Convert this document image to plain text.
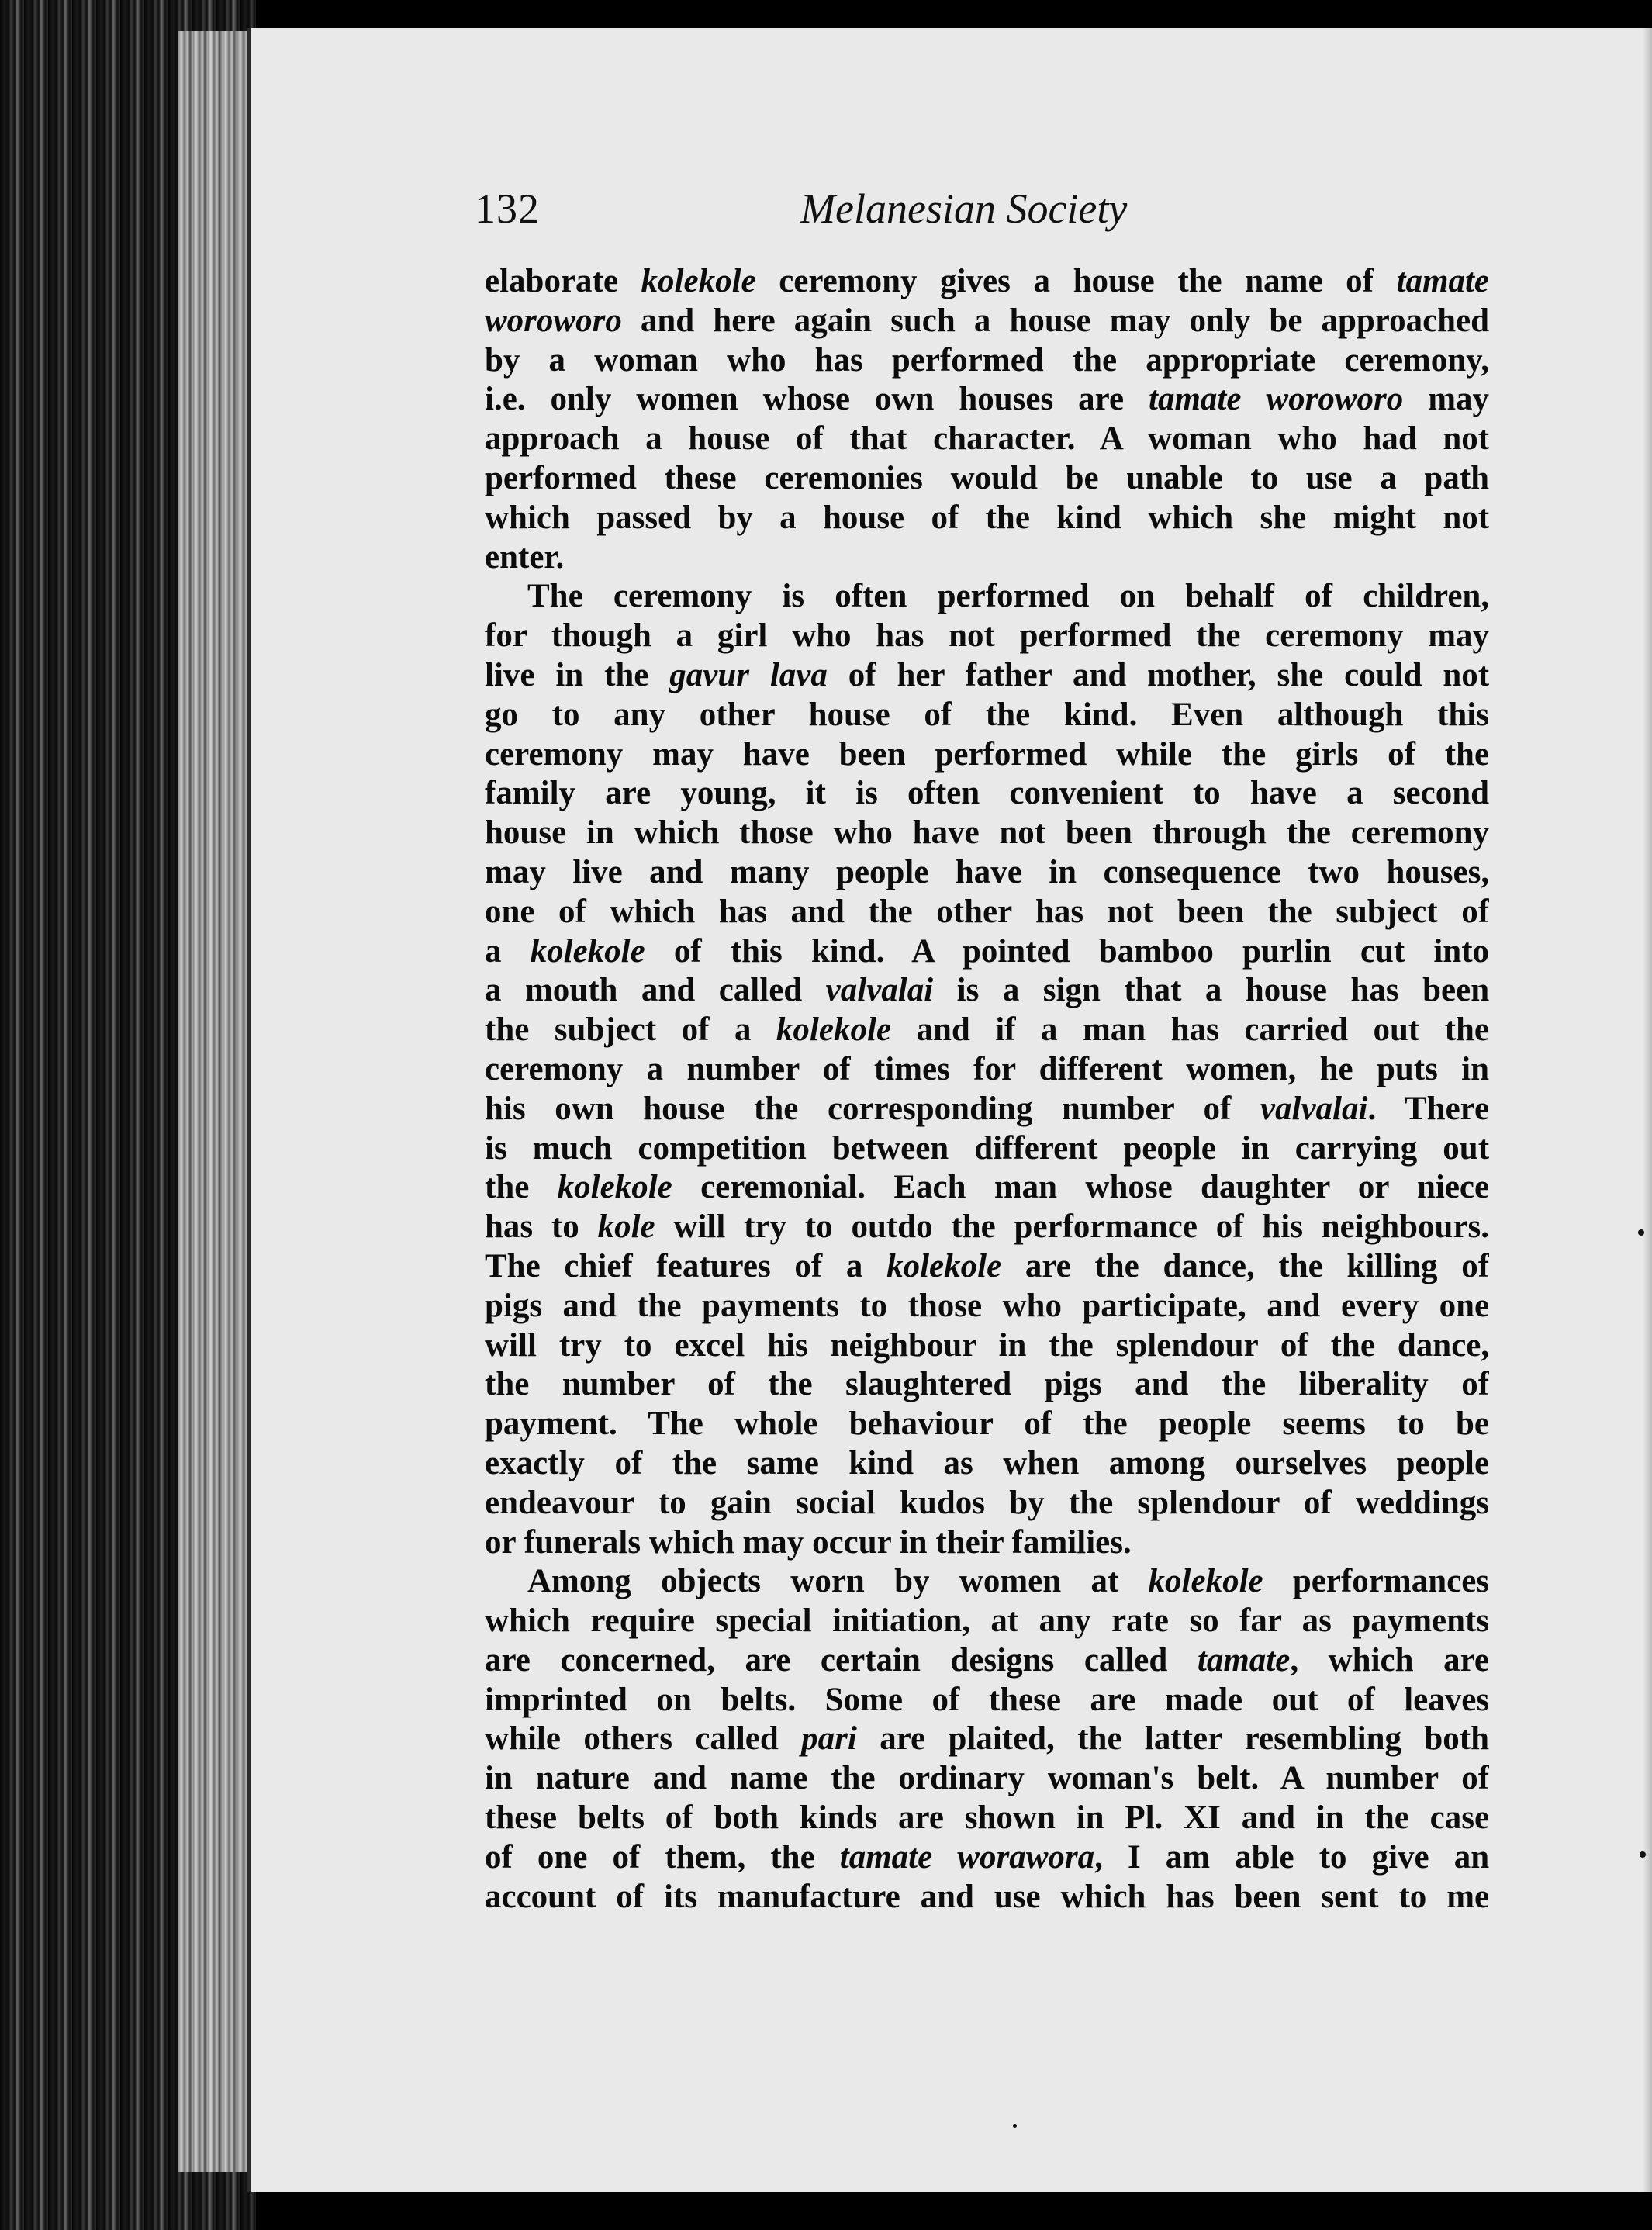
132	Melanesian Society
elaborate kolekole ceremony gives a house the name of tamate
woroworo and here again such a house may only be approached
by a woman who has performed the appropriate ceremony,
i.e. only women whose own houses are tamate woroworo may
approach a house of that character. A woman who had not
performed these ceremonies would be unable to use a path
which passed by a house of the kind which she might not
enter.
The ceremony is often performed on behalf of children,
for though a girl who has not performed the ceremony may
live in the gavur lava of her father and mother, she could not
go to any other house of the kind. Even although this
ceremony may have been performed while the girls of the
family are young, it is often convenient to have a second
house in which those who have not been through the ceremony
may live and many people have in consequence two houses,
one of which has and the other has not been the subject of
a kolekole of this kind. A pointed bamboo purlin cut into
a mouth and called valvalai is a sign that a house has been
the subject of a kolekole and if a man has carried out the
ceremony a number of times for different women, he puts in
his own house the corresponding number of valvalai. There
is much competition between different people in carrying out
the kolekole ceremonial. Each man whose daughter or niece
has to kole will try to outdo the performance of his neighbours.
The chief features of a kolekole are the dance, the killing of
pigs and the payments to those who participate, and every one
will try to excel his neighbour in the splendour of the dance,
the number of the slaughtered pigs and the liberality of
payment. The whole behaviour of the people seems to be
exactly of the same kind as when among ourselves people
endeavour to gain social kudos by the splendour of weddings
or funerals which may occur in their families.
Among objects worn by women at kolekole performances
which require special initiation, at any rate so far as payments
are concerned, are certain designs called tamate, which are
imprinted on belts. Some of these are made out of leaves
while others called pari are plaited, the latter resembling both
in nature and name the ordinary woman's belt. A number of
these belts of both kinds are shown in Pl. XI and in the case
of one of them, the tamate worawora, I am able to give an
account of its manufacture and use which has been sent to me
